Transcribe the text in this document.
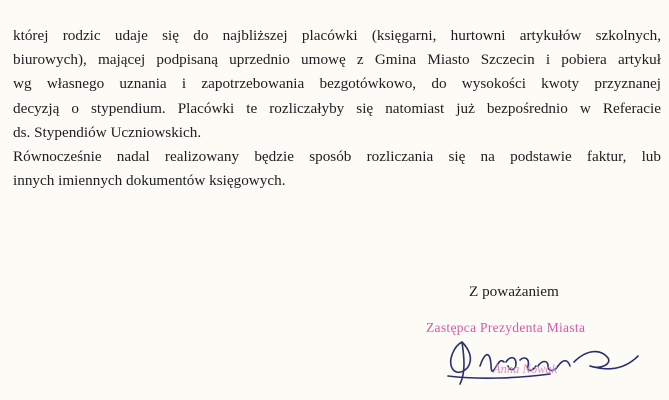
której rodzic udaje się do najbliższej placówki (księgarni, hurtowni artykułów szkolnych,
biurowych), mającej podpisaną uprzednio umowę z Gmina Miasto Szczecin i pobiera artykuł
wg własnego uznania i zapotrzebowania bezgotówkowo, do wysokości kwoty przyznanej
decyzją o stypendium. Placówki te rozliczałyby się natomiast już bezpośrednio w Referacie
ds. Stypendiów Uczniowskich.
Równocześnie nadal realizowany będzie sposób rozliczania się na podstawie faktur, lub
innych imiennych dokumentów księgowych.
Z poważaniem
Zastępca Prezydenta Miasta
Anna Nowak
